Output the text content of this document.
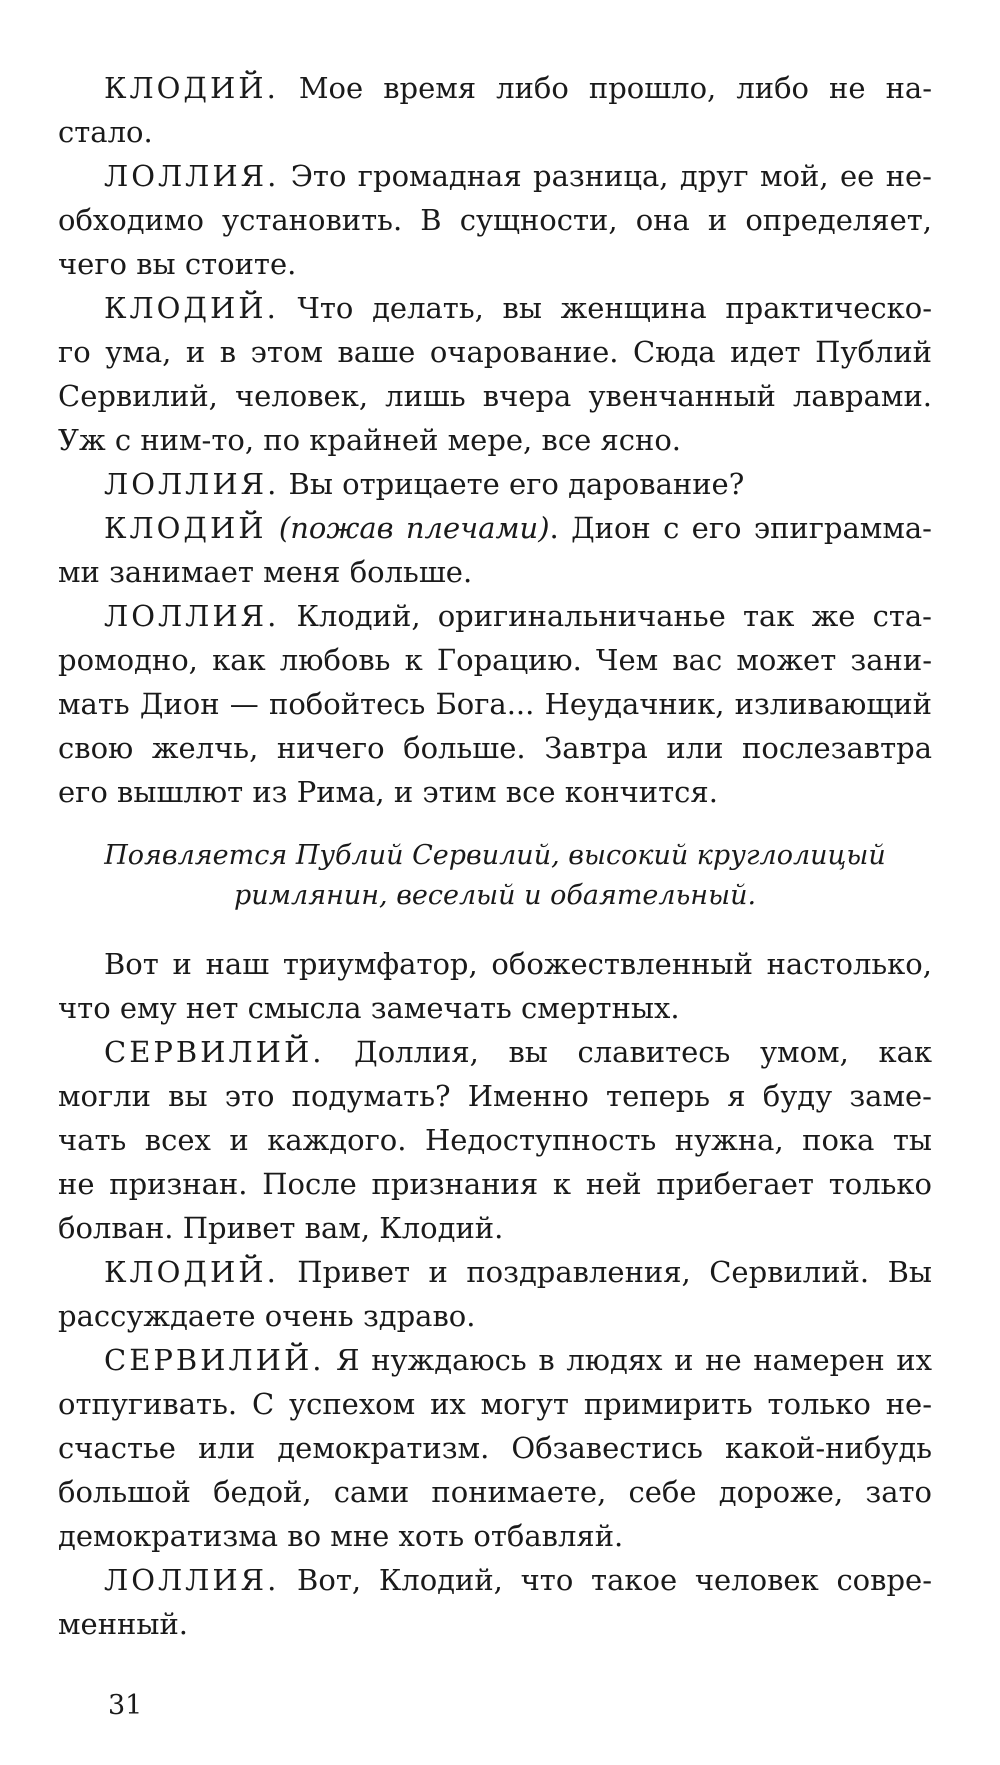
КЛОДИЙ. Мое время либо прошло, либо не на-
стало.
ЛОЛЛИЯ. Это громадная разница, друг мой, ее не-
обходимо установить. В сущности, она и определяет,
чего вы стоите.
КЛОДИЙ. Что делать, вы женщина практическо-
го ума, и в этом ваше очарование. Сюда идет Публий
Сервилий, человек, лишь вчера увенчанный лаврами.
Уж с ним-то, по крайней мере, все ясно.
ЛОЛЛИЯ. Вы отрицаете его дарование?
КЛОДИЙ (пожав плечами). Дион с его эпиграмма-
ми занимает меня больше.
ЛОЛЛИЯ. Клодий, оригинальничанье так же ста-
ромодно, как любовь к Горацию. Чем вас может зани-
мать Дион — побойтесь Бога... Неудачник, изливающий
свою желчь, ничего больше. Завтра или послезавтра
его вышлют из Рима, и этим все кончится.
Появляется Публий Сервилий, высокий круглолицый
римлянин, веселый и обаятельный.
Вот и наш триумфатор, обожествленный настолько,
что ему нет смысла замечать смертных.
СЕРВИЛИЙ. Доллия, вы славитесь умом, как
могли вы это подумать? Именно теперь я буду заме-
чать всех и каждого. Недоступность нужна, пока ты
не признан. После признания к ней прибегает только
болван. Привет вам, Клодий.
КЛОДИЙ. Привет и поздравления, Сервилий. Вы
рассуждаете очень здраво.
СЕРВИЛИЙ. Я нуждаюсь в людях и не намерен их
отпугивать. С успехом их могут примирить только не-
счастье или демократизм. Обзавестись какой-нибудь
большой бедой, сами понимаете, себе дороже, зато
демократизма во мне хоть отбавляй.
ЛОЛЛИЯ. Вот, Клодий, что такое человек совре-
менный.
31
